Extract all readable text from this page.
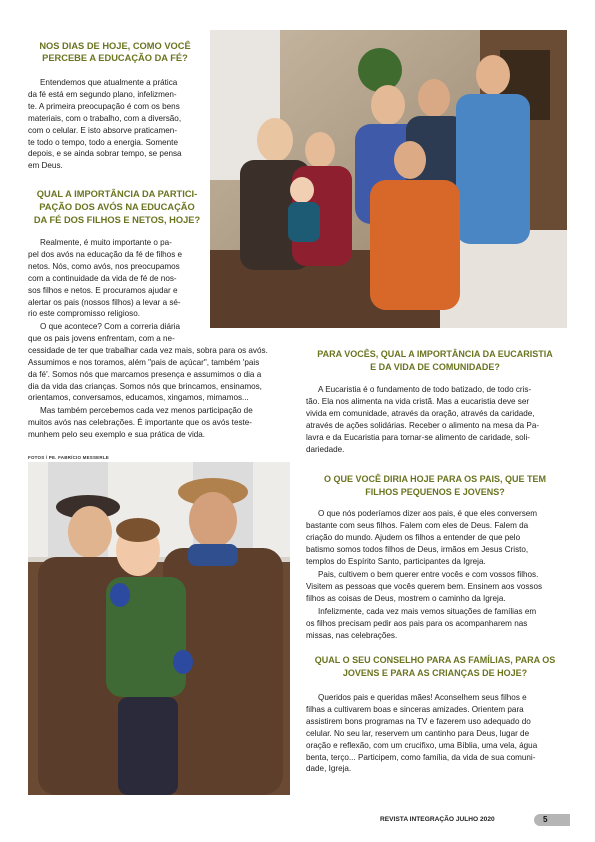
NOS DIAS DE HOJE, COMO VOCÊ
PERCEBE A EDUCAÇÃO DA FÉ?
Entendemos que atualmente a prática
da fé está em segundo plano, infelizmen-
te. A primeira preocupação é com os bens
materiais, com o trabalho, com a diversão,
com o celular. E isto absorve praticamen-
te todo o tempo, todo a energia. Somente
depois, e se ainda sobrar tempo, se pensa
em Deus.
QUAL A IMPORTÂNCIA DA PARTICI-
PAÇÃO DOS AVÓS NA EDUCAÇÃO
DA FÉ DOS FILHOS E NETOS, HOJE?
Realmente, é muito importante o pa-
pel dos avós na educação da fé de filhos e
netos. Nós, como avós, nos preocupamos
com a continuidade da vida de fé de nos-
sos filhos e netos. E procuramos ajudar e
alertar os pais (nossos filhos) a levar a sé-
rio este compromisso religioso.
O que acontece? Com a correria diária
que os pais jovens enfrentam, com a ne-
cessidade de ter que trabalhar cada vez mais, sobra para os avós.
Assumimos e nos toramos, além "pais de açúcar", também 'pais
da fé'. Somos nós que marcamos presença e assumimos o dia a
dia da vida das crianças. Somos nós que brincamos, ensinamos,
orientamos, conversamos, educamos, xingamos, mimamos...
Mas também percebemos cada vez menos participação de
muitos avós nas celebrações. É importante que os avós teste-
munhem pelo seu exemplo e sua prática de vida.
FOTOS / PE. FABRÍCIO MESSERLE
PARA VOCÊS, QUAL A IMPORTÂNCIA DA EUCARISTIA
E DA VIDA DE COMUNIDADE?
A Eucaristia é o fundamento de todo batizado, de todo cris-
tão. Ela nos alimenta na vida cristã. Mas a eucaristia deve ser
vivida em comunidade, através da oração, através da caridade,
através de ações solidárias. Receber o alimento na mesa da Pa-
lavra e da Eucaristia para tornar-se alimento de caridade, soli-
dariedade.
O QUE VOCÊ DIRIA HOJE PARA OS PAIS, QUE TEM
FILHOS PEQUENOS E JOVENS?
O que nós poderíamos dizer aos pais, é que eles conversem
bastante com seus filhos. Falem com eles de Deus. Falem da
criação do mundo. Ajudem os filhos a entender de que pelo
batismo somos todos filhos de Deus, irmãos em Jesus Cristo,
templos do Espírito Santo, participantes da Igreja.
Pais, cultivem o bem querer entre vocês e com vossos filhos.
Visitem as pessoas que vocês querem bem. Ensinem aos vossos
filhos as coisas de Deus, mostrem o caminho da Igreja.
Infelizmente, cada vez mais vemos situações de famílias em
os filhos precisam pedir aos pais para os acompanharem nas
missas, nas celebrações.
QUAL O SEU CONSELHO PARA AS FAMÍLIAS, PARA OS
JOVENS E PARA AS CRIANÇAS DE HOJE?
Queridos pais e queridas mães! Aconselhem seus filhos e
filhas a cultivarem boas e sinceras amizades. Orientem para
assistirem bons programas na TV e fazerem uso adequado do
celular. No seu lar, reservem um cantinho para Deus, lugar de
oração e reflexão, com um crucifixo, uma Bíblia, uma vela, água
benta, terço... Participem, como família, da vida de sua comuni-
dade, Igreja.
REVISTA INTEGRAÇÃO JULHO 2020	5
